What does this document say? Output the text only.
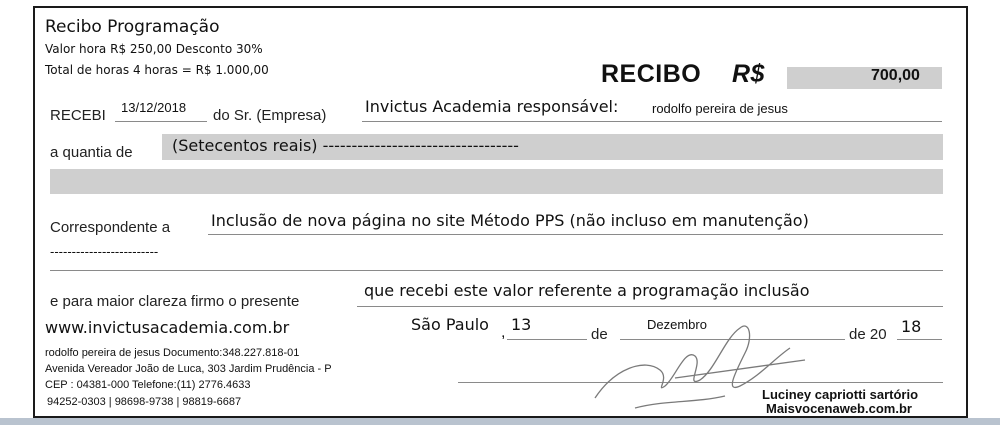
Recibo Programação
Valor hora R$ 250,00 Desconto 30%
Total de horas 4 horas = R$ 1.000,00	RECIBO R$	700,00
RECEBI 13/12/2018 do Sr. (Empresa) Invictus Academia responsável:	rodolfo pereira de jesus
a quantia de (Setecentos reais) ----------------------------------
Correspondente a	Inclusão de nova página no site Método PPS (não incluso em manutenção)
-------------------------
e para maior clareza firmo o presente
que recebi este valor referente a programação inclusão
www.invictusacademia.com.br	São Paulo , 13
de
Dezembro
de 20 18
rodolfo pereira de jesus Documento:348.227.818-01
Avenida Vereador João de Luca, 303 Jardim Prudência - P
CEP : 04381-000 Telefone:(11) 2776.4633
94252-0303 | 98698-9738 | 98819-6687	Luciney capriotti sartório
Maisvocenaweb.com.br
